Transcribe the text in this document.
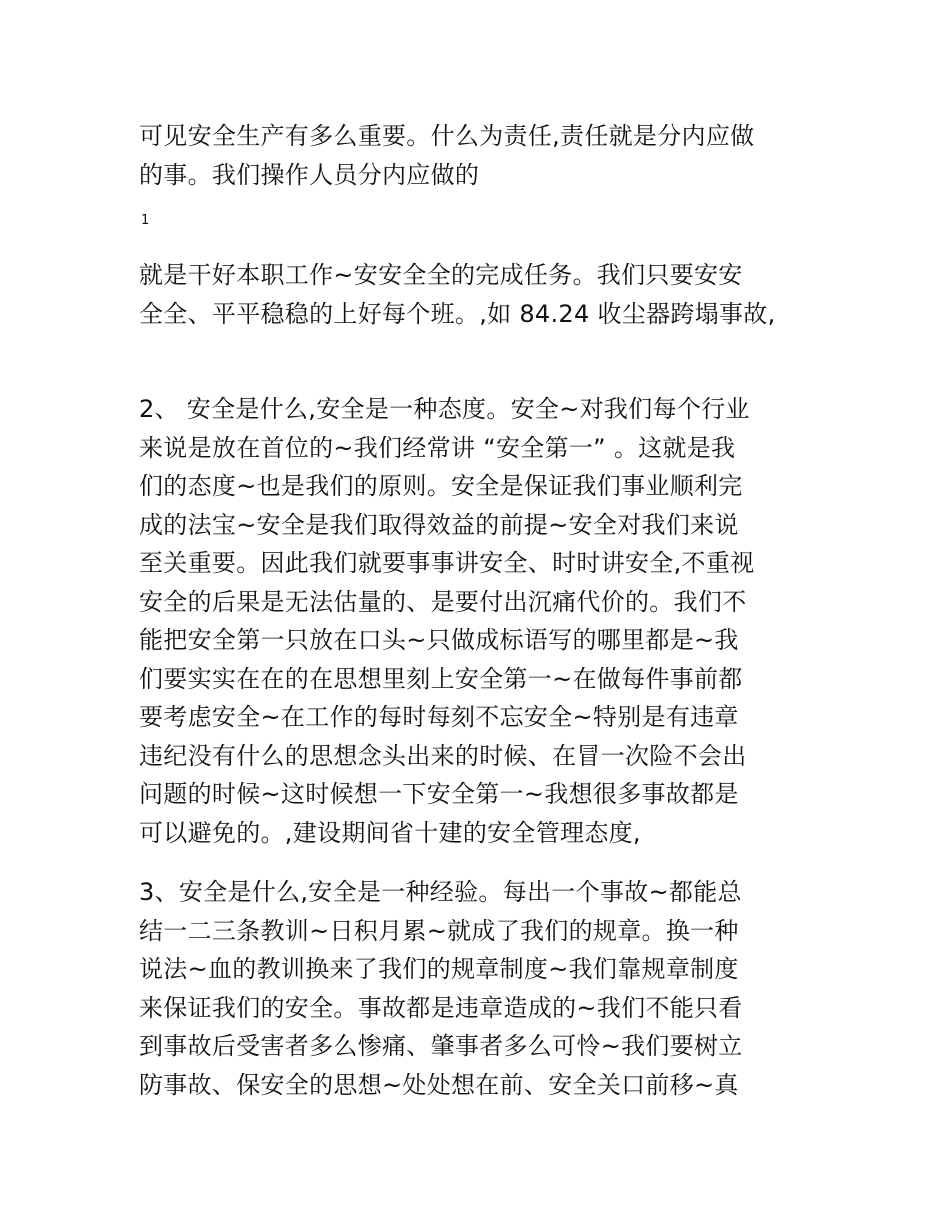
可见安全生产有多么重要。什么为责任,责任就是分内应做
的事。我们操作人员分内应做的
1
就是干好本职工作~安安全全的完成任务。我们只要安安
全全、平平稳稳的上好每个班。,如 84.24 收尘器跨塌事故,
2、 安全是什么,安全是一种态度。安全~对我们每个行业
来说是放在首位的~我们经常讲 “安全第一” 。这就是我
们的态度~也是我们的原则。安全是保证我们事业顺利完
成的法宝~安全是我们取得效益的前提~安全对我们来说
至关重要。因此我们就要事事讲安全、时时讲安全,不重视
安全的后果是无法估量的、是要付出沉痛代价的。我们不
能把安全第一只放在口头~只做成标语写的哪里都是~我
们要实实在在的在思想里刻上安全第一~在做每件事前都
要考虑安全~在工作的每时每刻不忘安全~特别是有违章
违纪没有什么的思想念头出来的时候、在冒一次险不会出
问题的时候~这时候想一下安全第一~我想很多事故都是
可以避免的。,建设期间省十建的安全管理态度,
3、安全是什么,安全是一种经验。每出一个事故~都能总
结一二三条教训~日积月累~就成了我们的规章。换一种
说法~血的教训换来了我们的规章制度~我们靠规章制度
来保证我们的安全。事故都是违章造成的~我们不能只看
到事故后受害者多么惨痛、肇事者多么可怜~我们要树立
防事故、保安全的思想~处处想在前、安全关口前移~真
